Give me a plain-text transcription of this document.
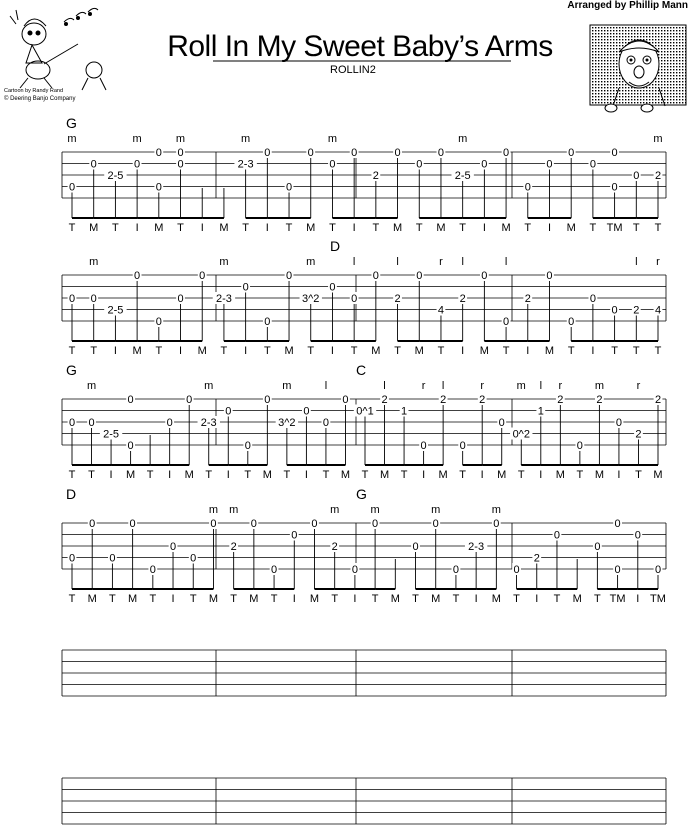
Arranged by Phillip Mann
Cartoon by Randy Rand
© Deering Banjo Company
Roll In My Sweet Baby’s Arms
ROLLIN2
G
m
0
T
0
M
2-5
T
m
0
I
0
0
M
m
0
0
T I M
m
2-3
T
0
I
0
T
0
M
m
0
T
0
I
2
T
0
M
0
T
0
M
m
2-5
T
0
I
0
M
0
T
0
I
0
M
0
T
0
0
TM
0
T
m
2
T
D
0
T
m
0
T
2-5
I
0
M
0
T
0
I
0
M
m
2-3
T
0
I
0
T
0
M
m
3^2
T
0
I
l
0
T
0
M
l
2
T
0
M
r
4
T
l
2
I
0
M
l
0
T
2
I
0
M
0
T
0
I
0
T
l
2
T
r
4
T
G	C
0
T
m
0
T
2-5
I
0
0
M T
0
I
0
M
m
2-3
T
0
I
0
T
0
M
m
3^2
T
0
I
l
0
T
0
M
0^1
T
l
2
M
1
T
r
0
I
l
2
M
0
T
r
2
I
0
M
m
0^2
T
l
1
I
r
2
M
0
T
m
2
M
0
I
r
2
T
2
M
D	G
0
T
0
M
0
T
0
M
0
T
0
I
0
T
m
0
M
m
2
T
0
M
0
T
0
I
0
M
m
2
T
0
I
m
0
T M
0
T
m
0
M
0
T
2-3
I
m
0
M
0
T
2
I
0
T M
0
T
0
0
TM
0
I
0
TM
